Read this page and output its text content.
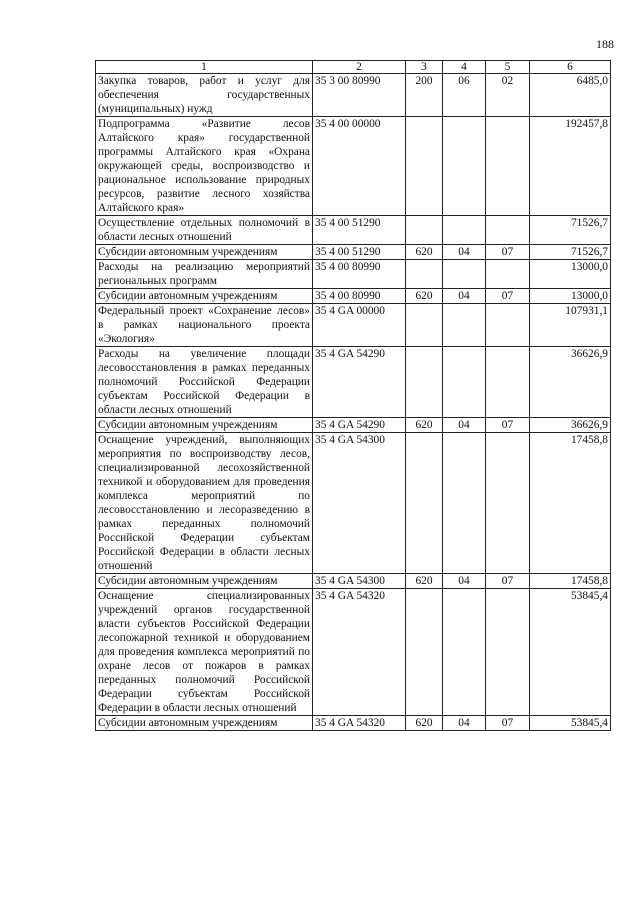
188
1	2	3	4	5	6
Закупка товаров, работ и услуг для обеспечения государственных (муниципальных) нужд	35 3 00 80990	200	06	02	6485,0
Подпрограмма «Развитие лесов Алтайского края» государственной программы Алтайского края «Охрана окружающей среды, воспроизводство и рациональное использование природных ресурсов, развитие лесного хозяйства Алтайского края»	35 4 00 00000				192457,8
Осуществление отдельных полномочий в области лесных отношений	35 4 00 51290				71526,7
Субсидии автономным учреждениям	35 4 00 51290	620	04	07	71526,7
Расходы на реализацию мероприятий региональных программ	35 4 00 80990				13000,0
Субсидии автономным учреждениям	35 4 00 80990	620	04	07	13000,0
Федеральный проект «Сохранение лесов» в рамках национального проекта «Экология»	35 4 GA 00000				107931,1
Расходы на увеличение площади лесовосстановления в рамках переданных полномочий Российской Федерации субъектам Российской Федерации в области лесных отношений	35 4 GA 54290				36626,9
Субсидии автономным учреждениям	35 4 GA 54290	620	04	07	36626,9
Оснащение учреждений, выполняющих мероприятия по воспроизводству лесов, специализированной лесохозяйственной техникой и оборудованием для проведения комплекса мероприятий по лесовосстановлению и лесоразведению в рамках переданных полномочий Российской Федерации субъектам Российской Федерации в области лесных отношений	35 4 GA 54300				17458,8
Субсидии автономным учреждениям	35 4 GA 54300	620	04	07	17458,8
Оснащение специализированных учреждений органов государственной власти субъектов Российской Федерации лесопожарной техникой и оборудованием для проведения комплекса мероприятий по охране лесов от пожаров в рамках переданных полномочий Российской Федерации субъектам Российской Федерации в области лесных отношений	35 4 GA 54320				53845,4
Субсидии автономным учреждениям	35 4 GA 54320	620	04	07	53845,4
